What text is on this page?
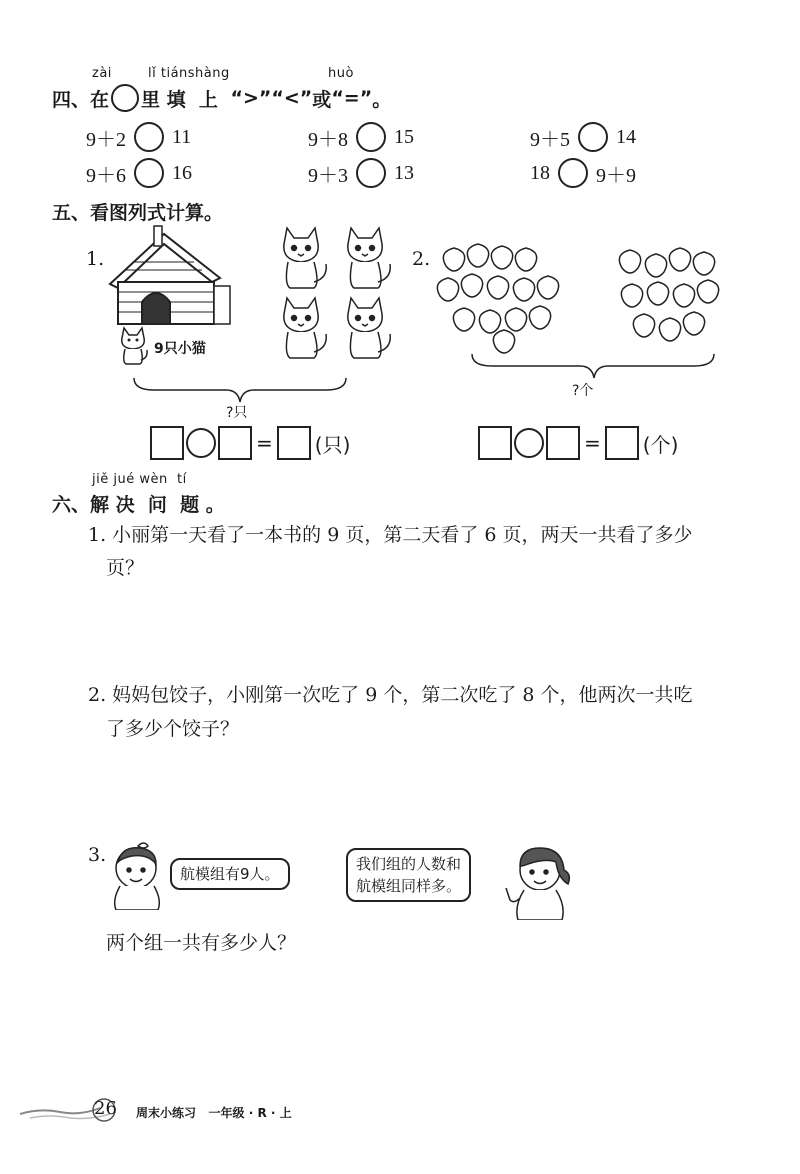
zài	lǐ tiánshàng	huò
四、在 里 填  上 “>” “<” 或 “=” 。
9＋2 11	9＋8 15	9＋5 14
9＋6 16	9＋3 13	18 9＋9
五、看图列式计算。
1.
9只小猫
?只
= (只)
2.
?个
= (个)
jiě jué wèn  tí
六、解 决  问  题 。
1. 小丽第一天看了一本书的 9 页，第二天看了 6 页，两天一共看了多少
页？
2. 妈妈包饺子，小刚第一次吃了 9 个，第二次吃了 8 个，他两次一共吃
了多少个饺子？
3.
航模组有9人。
我们组的人数和
航模组同样多。
两个组一共有多少人？
26 周末小练习   一年级 · R · 上
